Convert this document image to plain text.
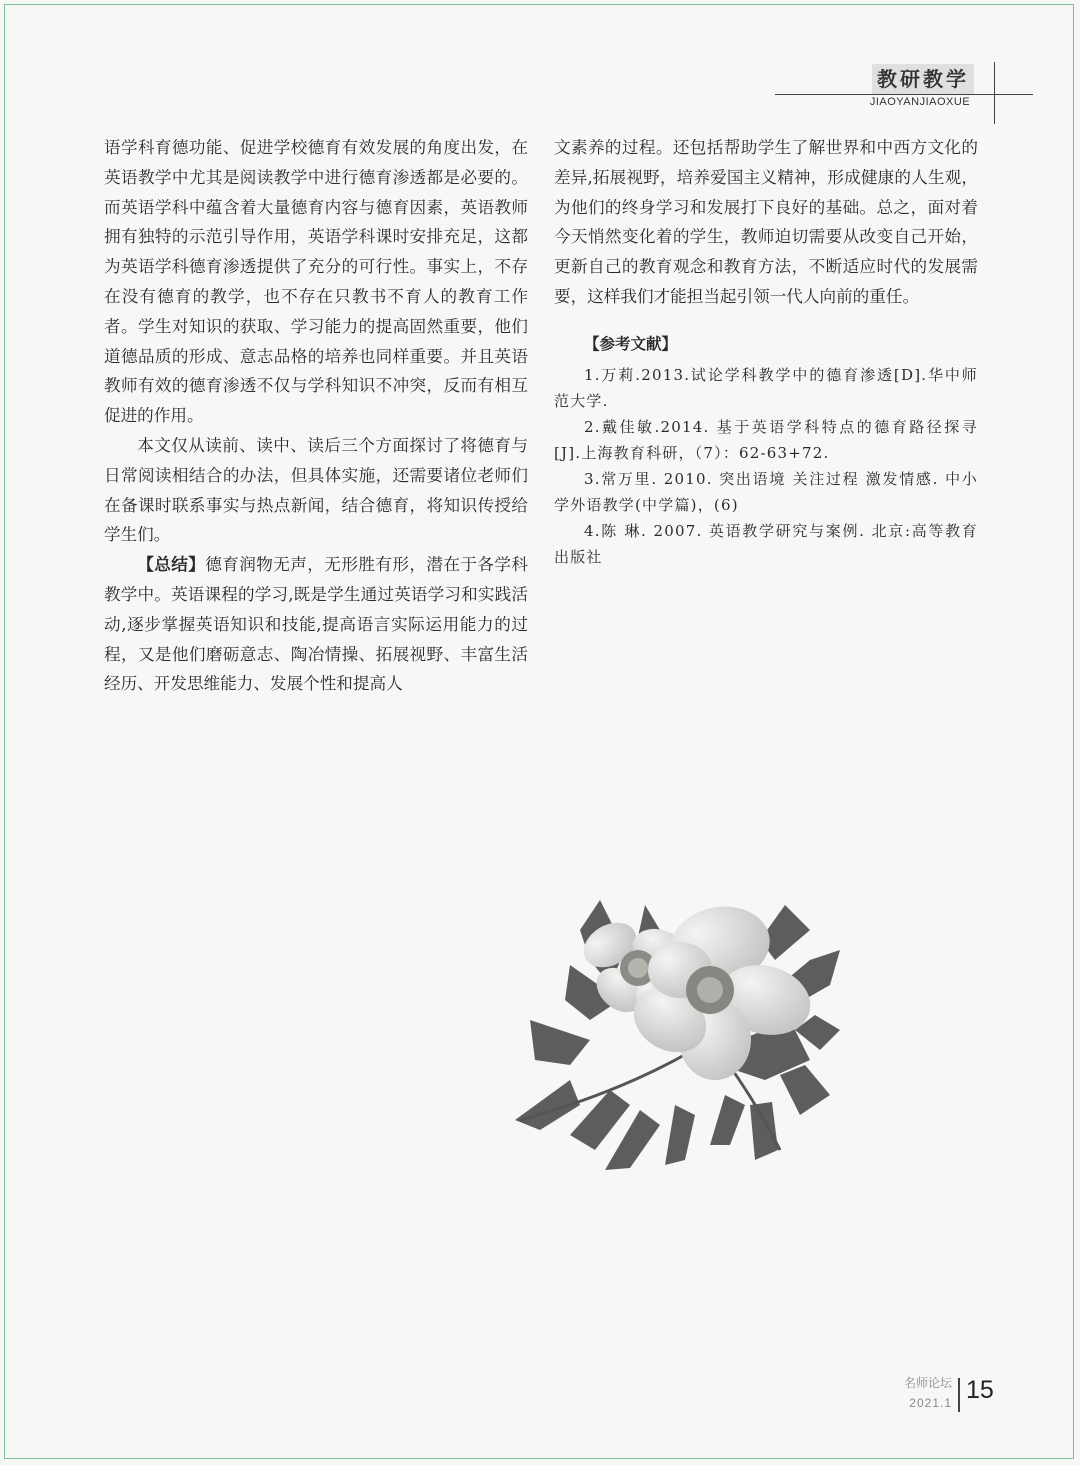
教研教学
JIAOYANJIAOXUE

语学科育德功能、促进学校德育有效发展的角度出发，在英语教学中尤其是阅读教学中进行德育渗透都是必要的。而英语学科中蕴含着大量德育内容与德育因素，英语教师拥有独特的示范引导作用，英语学科课时安排充足，这都为英语学科德育渗透提供了充分的可行性。事实上，不存在没有德育的教学，也不存在只教书不育人的教育工作者。学生对知识的获取、学习能力的提高固然重要，他们道德品质的形成、意志品格的培养也同样重要。并且英语教师有效的德育渗透不仅与学科知识不冲突，反而有相互促进的作用。

本文仅从读前、读中、读后三个方面探讨了将德育与日常阅读相结合的办法，但具体实施，还需要诸位老师们在备课时联系事实与热点新闻，结合德育，将知识传授给学生们。

【总结】德育润物无声，无形胜有形，潜在于各学科教学中。英语课程的学习,既是学生通过英语学习和实践活动,逐步掌握英语知识和技能,提高语言实际运用能力的过程，又是他们磨砺意志、陶冶情操、拓展视野、丰富生活经历、开发思维能力、发展个性和提高人

文素养的过程。还包括帮助学生了解世界和中西方文化的差异,拓展视野，培养爱国主义精神，形成健康的人生观，为他们的终身学习和发展打下良好的基础。总之，面对着今天悄然变化着的学生，教师迫切需要从改变自己开始，更新自己的教育观念和教育方法，不断适应时代的发展需要，这样我们才能担当起引领一代人向前的重任。

【参考文献】

1.万莉.2013.试论学科教学中的德育渗透[D].华中师范大学.

2.戴佳敏.2014. 基于英语学科特点的德育路径探寻[J].上海教育科研，（7）：62-63+72.

3.常万里. 2010. 突出语境 关注过程 激发情感. 中小学外语教学(中学篇)，(6)

4.陈 琳. 2007. 英语教学研究与案例. 北京:高等教育出版社

名师论坛
2021.1 15
